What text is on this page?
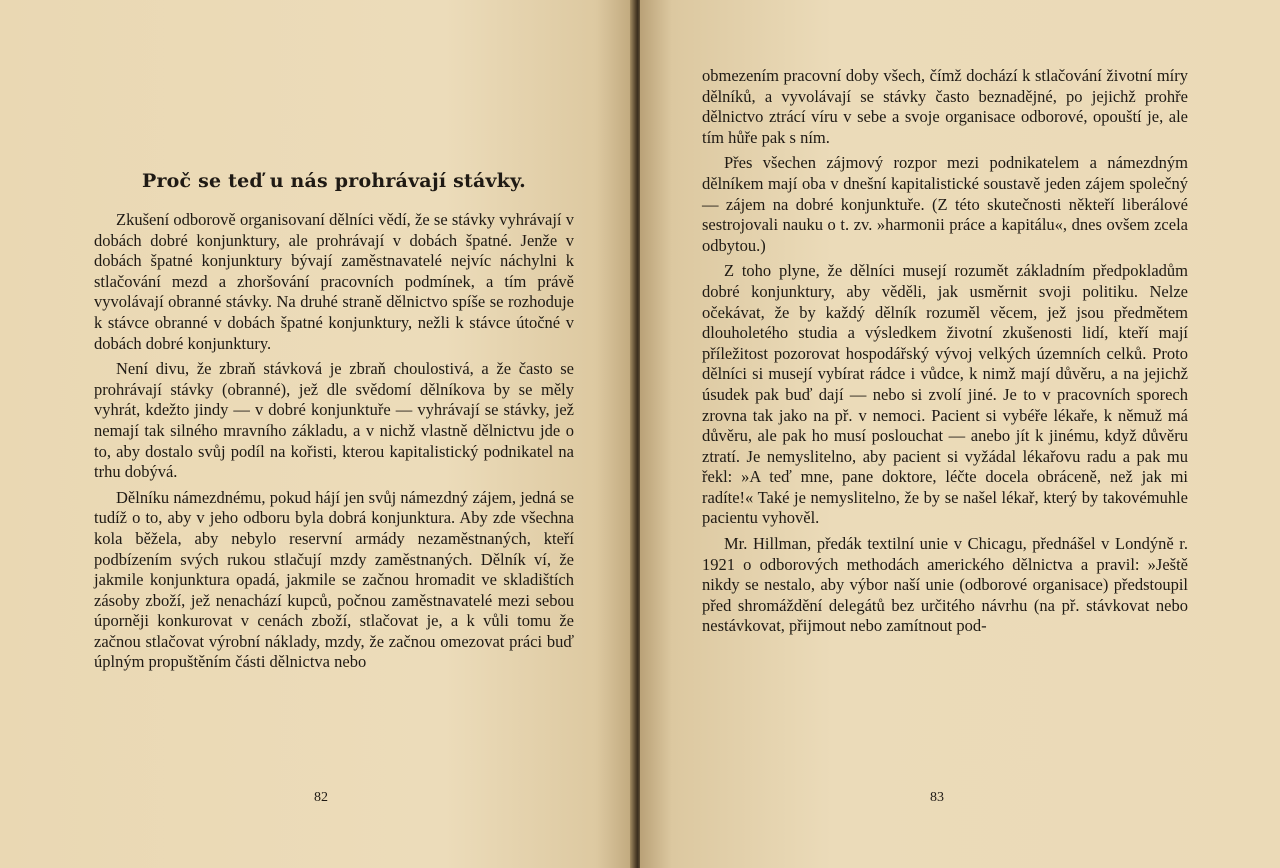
Proč se teď u nás prohrávají stávky.

Zkušení odborově organisovaní dělníci vědí, že se stávky vyhrávají v dobách dobré konjunktury, ale prohrávají v dobách špatné. Jenže v dobách špatné konjunktury bývají zaměstnavatelé nejvíc náchylni k stlačování mezd a zhoršování pracovních podmínek, a tím právě vyvolávají obranné stávky. Na druhé straně dělnictvo spíše se rozhoduje k stávce obranné v dobách špatné konjunktury, nežli k stávce útočné v dobách dobré konjunktury.

Není divu, že zbraň stávková je zbraň choulostivá, a že často se prohrávají stávky (obranné), jež dle svědomí dělníkova by se měly vyhrát, kdežto jindy — v dobré konjunktuře — vyhrávají se stávky, jež nemají tak silného mravního základu, a v nichž vlastně dělnictvu jde o to, aby dostalo svůj podíl na kořisti, kterou kapitalistický podnikatel na trhu dobývá.

Dělníku námezdnému, pokud hájí jen svůj námezdný zájem, jedná se tudíž o to, aby v jeho odboru byla dobrá konjunktura. Aby zde všechna kola běžela, aby nebylo reservní armády nezaměstnaných, kteří podbízením svých rukou stlačují mzdy zaměstnaných. Dělník ví, že jakmile konjunktura opadá, jakmile se začnou hromadit ve skladištích zásoby zboží, jež nenachází kupců, počnou zaměstnavatelé mezi sebou úporněji konkurovat v cenách zboží, stlačovat je, a k vůli tomu že začnou stlačovat výrobní náklady, mzdy, že začnou omezovat práci buď úplným propuštěním části dělnictva nebo

82

obmezením pracovní doby všech, čímž dochází k stlačování životní míry dělníků, a vyvolávají se stávky často beznadějné, po jejichž prohře dělnictvo ztrácí víru v sebe a svoje organisace odborové, opouští je, ale tím hůře pak s ním.

Přes všechen zájmový rozpor mezi podnikatelem a námezdným dělníkem mají oba v dnešní kapitalistické soustavě jeden zájem společný — zájem na dobré konjunktuře. (Z této skutečnosti někteří liberálové sestrojovali nauku o t. zv. »harmonii práce a kapitálu«, dnes ovšem zcela odbytou.)

Z toho plyne, že dělníci musejí rozumět základním předpokladům dobré konjunktury, aby věděli, jak usměrnit svoji politiku. Nelze očekávat, že by každý dělník rozuměl věcem, jež jsou předmětem dlouholetého studia a výsledkem životní zkušenosti lidí, kteří mají příležitost pozorovat hospodářský vývoj velkých územních celků. Proto dělníci si musejí vybírat rádce i vůdce, k nimž mají důvěru, a na jejichž úsudek pak buď dají — nebo si zvolí jiné. Je to v pracovních sporech zrovna tak jako na př. v nemoci. Pacient si vybéře lékaře, k němuž má důvěru, ale pak ho musí poslouchat — anebo jít k jinému, když důvěru ztratí. Je nemyslitelno, aby pacient si vyžádal lékařovu radu a pak mu řekl: »A teď mne, pane doktore, léčte docela obráceně, než jak mi radíte!« Také je nemyslitelno, že by se našel lékař, který by takovémuhle pacientu vyhověl.

Mr. Hillman, předák textilní unie v Chicagu, přednášel v Londýně r. 1921 o odborových methodách amerického dělnictva a pravil: »Ještě nikdy se nestalo, aby výbor naší unie (odborové organisace) předstoupil před shromáždění delegátů bez určitého návrhu (na př. stávkovat nebo nestávkovat, přijmout nebo zamítnout pod-

83
